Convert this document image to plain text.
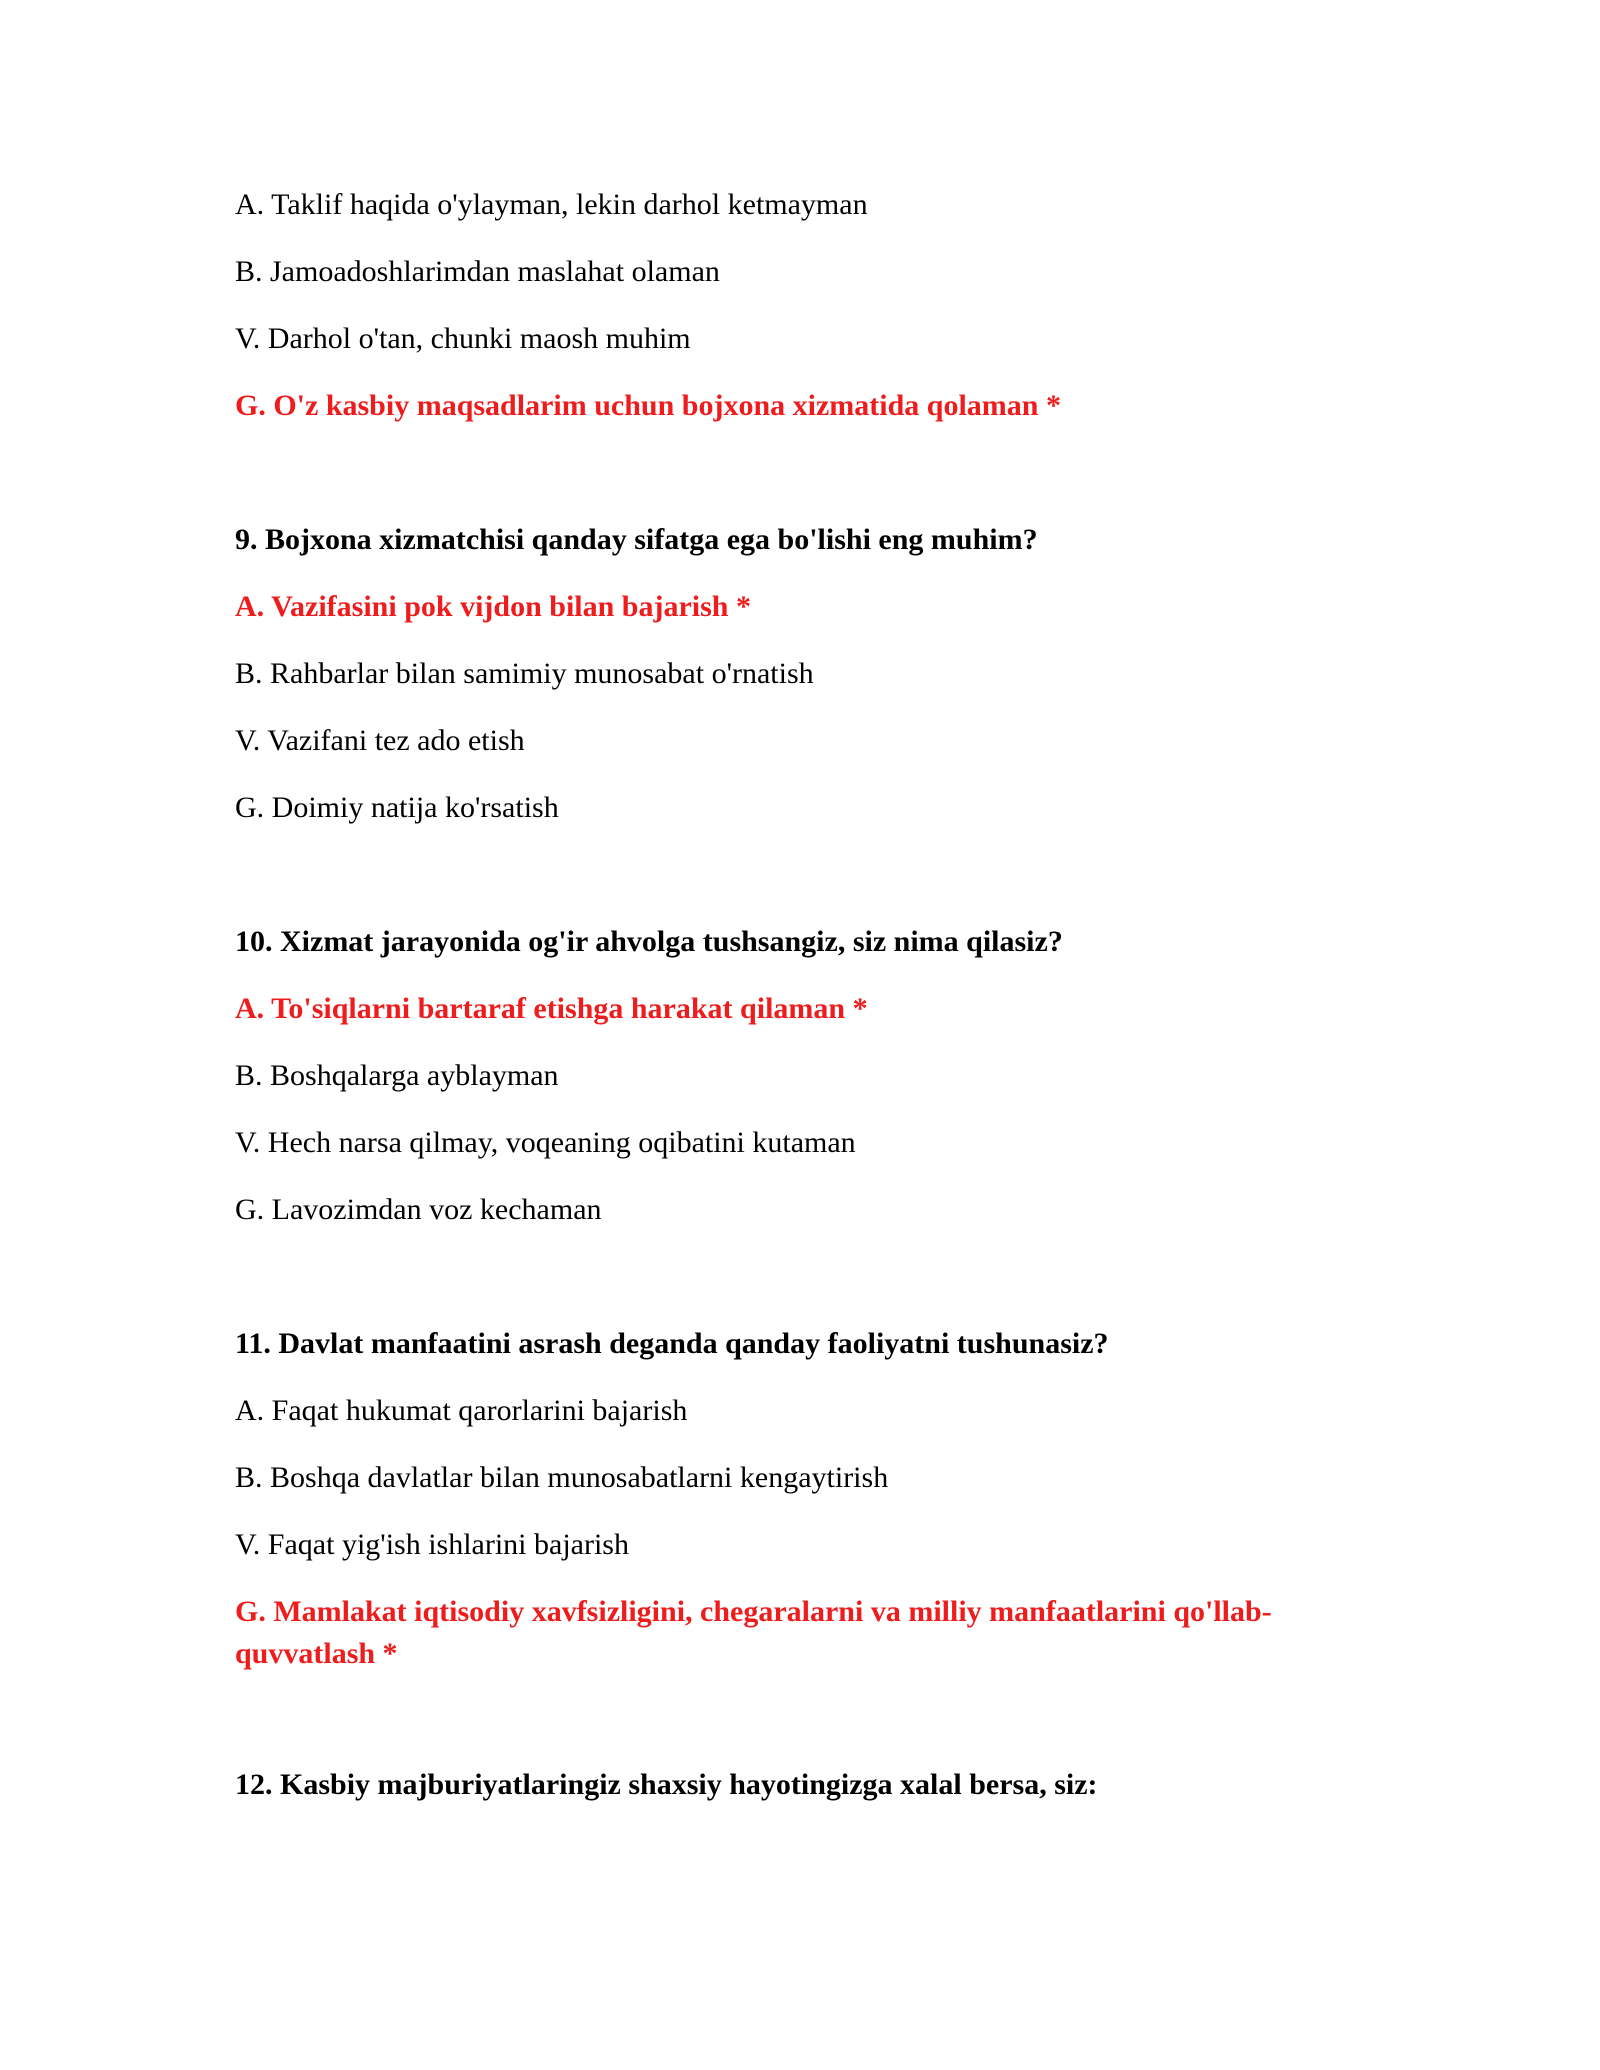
A. Taklif haqida o'ylayman, lekin darhol ketmayman

B. Jamoadoshlarimdan maslahat olaman

V. Darhol o'tan, chunki maosh muhim

G. O'z kasbiy maqsadlarim uchun bojxona xizmatida qolaman *

9. Bojxona xizmatchisi qanday sifatga ega bo'lishi eng muhim?

A. Vazifasini pok vijdon bilan bajarish *

B. Rahbarlar bilan samimiy munosabat o'rnatish

V. Vazifani tez ado etish

G. Doimiy natija ko'rsatish

10. Xizmat jarayonida og'ir ahvolga tushsangiz, siz nima qilasiz?

A. To'siqlarni bartaraf etishga harakat qilaman *

B. Boshqalarga ayblayman

V. Hech narsa qilmay, voqeaning oqibatini kutaman

G. Lavozimdan voz kechaman

11. Davlat manfaatini asrash deganda qanday faoliyatni tushunasiz?

A. Faqat hukumat qarorlarini bajarish

B. Boshqa davlatlar bilan munosabatlarni kengaytirish

V. Faqat yig'ish ishlarini bajarish

G. Mamlakat iqtisodiy xavfsizligini, chegaralarni va milliy manfaatlarini qo'llab-quvvatlash *

12. Kasbiy majburiyatlaringiz shaxsiy hayotingizga xalal bersa, siz:
